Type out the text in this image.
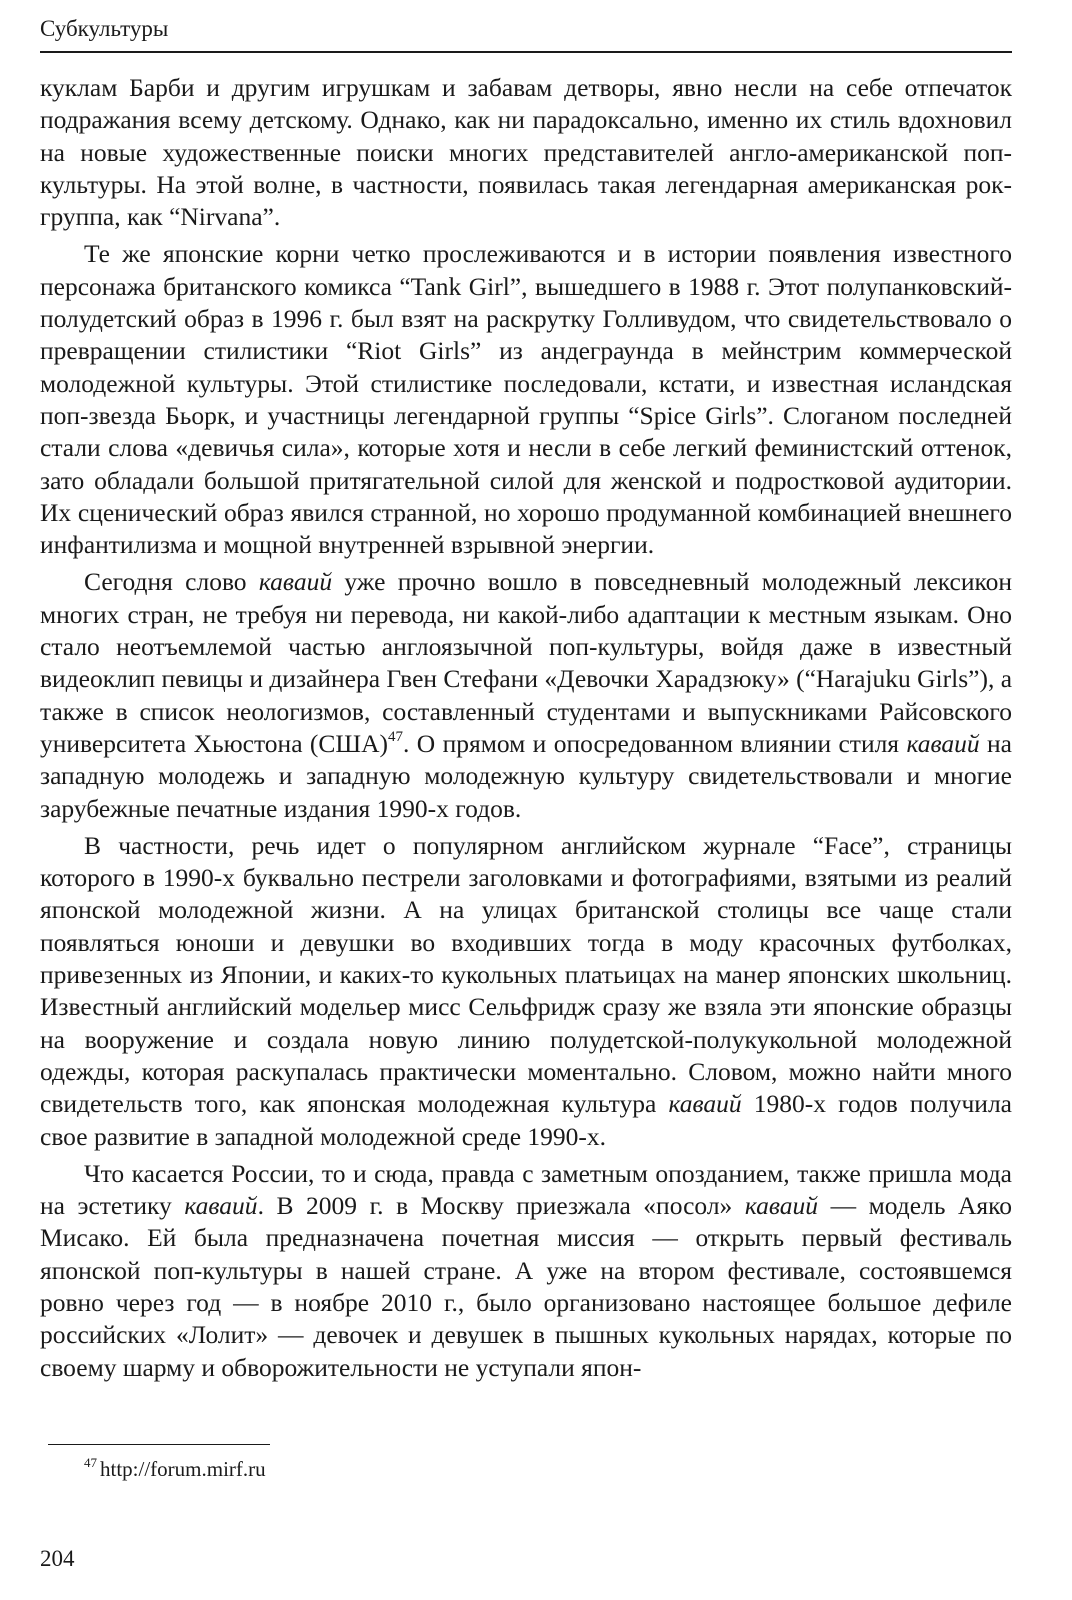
Субкультуры

куклам Барби и другим игрушкам и забавам детворы, явно несли на себе отпечаток подражания всему детскому. Однако, как ни парадоксально, именно их стиль вдохновил на новые художественные поиски многих представителей англо-американской поп-культуры. На этой волне, в частности, появилась такая легендарная американская рок-группа, как “Nirvana”.

Те же японские корни четко прослеживаются и в истории появления известного персонажа британского комикса “Tank Girl”, вышедшего в 1988 г. Этот полупанковский-полудетский образ в 1996 г. был взят на раскрутку Голливудом, что свидетельствовало о превращении стилистики “Riot Girls” из андеграунда в мейнстрим коммерческой молодежной культуры. Этой стилистике последовали, кстати, и известная исландская поп-звезда Бьорк, и участницы легендарной группы “Spice Girls”. Слоганом последней стали слова «девичья сила», которые хотя и несли в себе легкий феминистский оттенок, зато обладали большой притягательной силой для женской и подростковой аудитории. Их сценический образ явился странной, но хорошо продуманной комбинацией внешнего инфантилизма и мощной внутренней взрывной энергии.

Сегодня слово каваий уже прочно вошло в повседневный молодежный лексикон многих стран, не требуя ни перевода, ни какой-либо адаптации к местным языкам. Оно стало неотъемлемой частью англоязычной поп-культуры, войдя даже в известный видеоклип певицы и дизайнера Гвен Стефани «Девочки Харадзюку» (“Harajuku Girls”), а также в список неологизмов, составленный студентами и выпускниками Райсовского университета Хьюстона (США)$^{47}$. О прямом и опосредованном влиянии стиля каваий на западную молодежь и западную молодежную культуру свидетельствовали и многие зарубежные печатные издания 1990-х годов.

В частности, речь идет о популярном английском журнале “Face”, страницы которого в 1990-х буквально пестрели заголовками и фотографиями, взятыми из реалий японской молодежной жизни. А на улицах британской столицы все чаще стали появляться юноши и девушки во входивших тогда в моду красочных футболках, привезенных из Японии, и каких-то кукольных платьицах на манер японских школьниц. Известный английский модельер мисс Сельфридж сразу же взяла эти японские образцы на вооружение и создала новую линию полудетской-полукукольной молодежной одежды, которая раскупалась практически моментально. Словом, можно найти много свидетельств того, как японская молодежная культура каваий 1980-х годов получила свое развитие в западной молодежной среде 1990-х.

Что касается России, то и сюда, правда с заметным опозданием, также пришла мода на эстетику каваий. В 2009 г. в Москву приезжала «посол» каваий — модель Аяко Мисако. Ей была предназначена почетная миссия — открыть первый фестиваль японской поп-культуры в нашей стране. А уже на втором фестивале, состоявшемся ровно через год — в ноябре 2010 г., было организовано настоящее большое дефиле российских «Лолит» — девочек и девушек в пышных кукольных нарядах, которые по своему шарму и обворожительности не уступали япон-

$^{47}$ http://forum.mirf.ru
204
